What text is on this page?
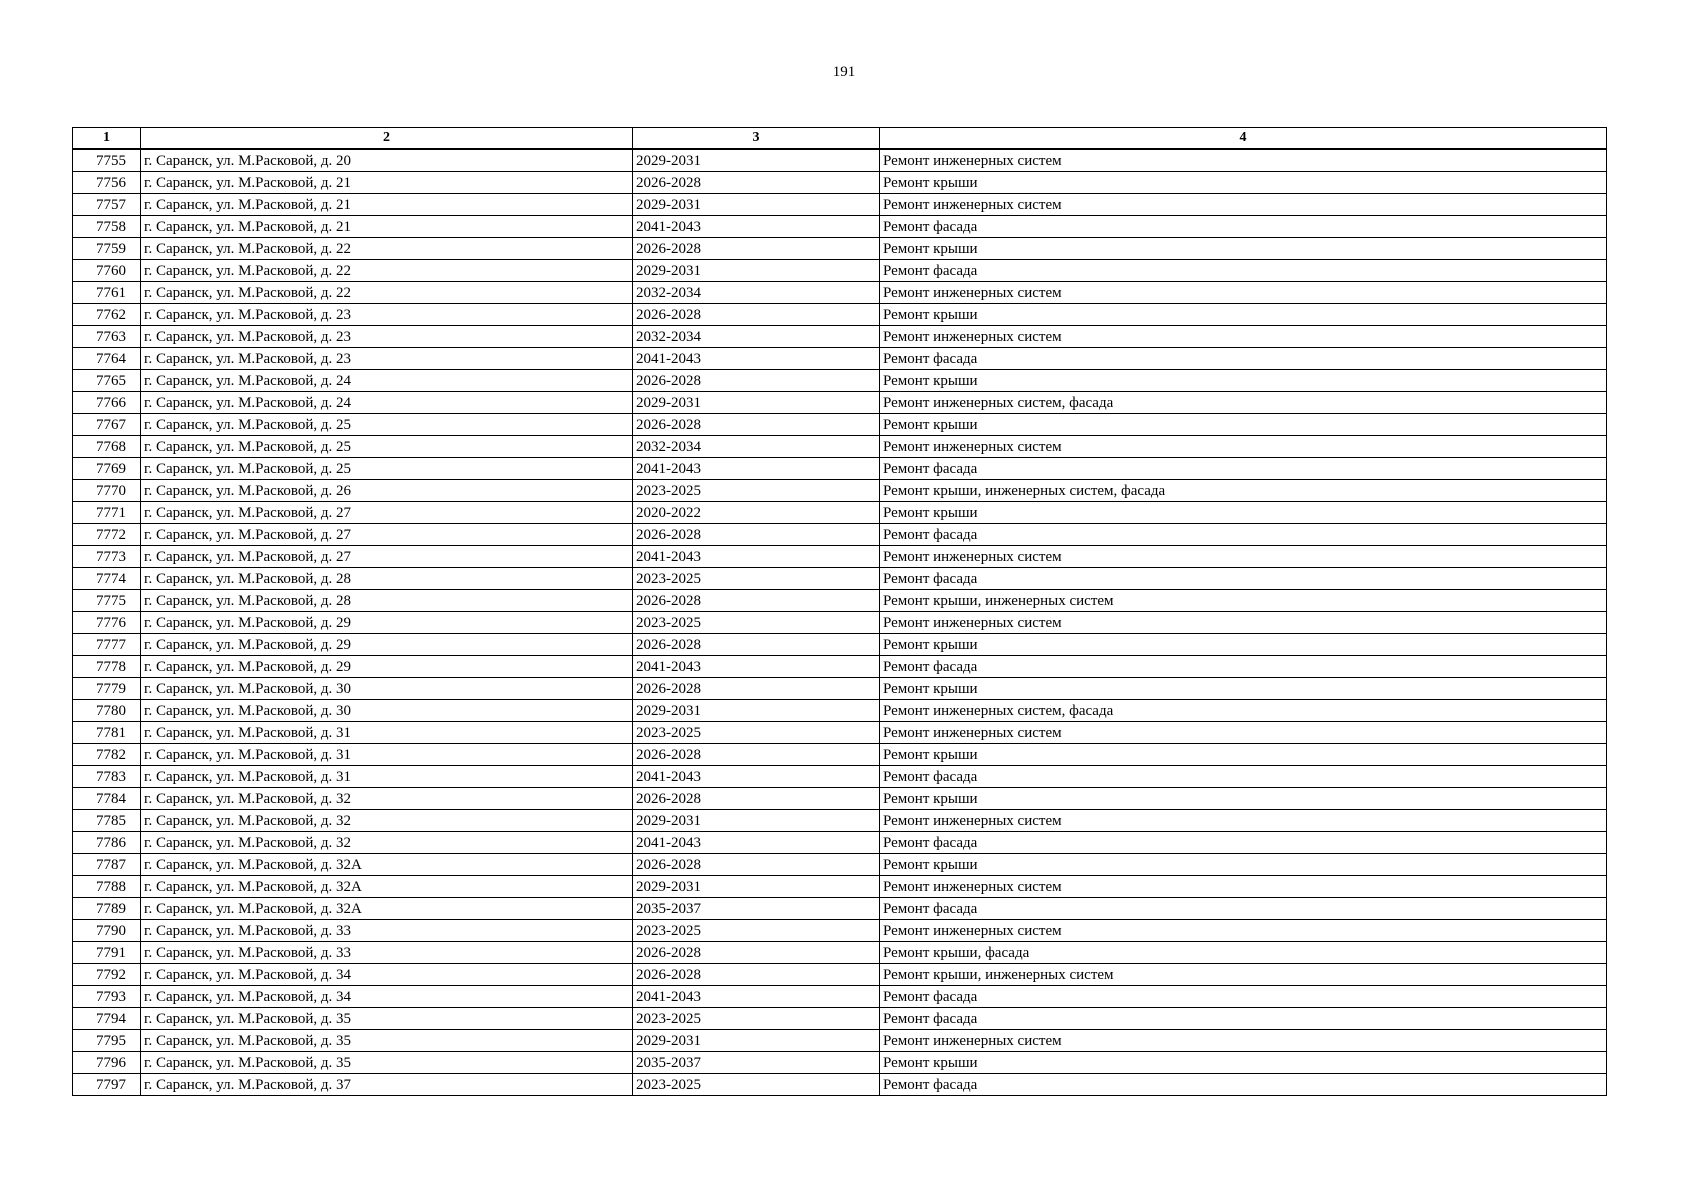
191
1	2	3	4
7755	г. Саранск, ул. М.Расковой, д. 20	2029-2031	Ремонт инженерных систем
7756	г. Саранск, ул. М.Расковой, д. 21	2026-2028	Ремонт крыши
7757	г. Саранск, ул. М.Расковой, д. 21	2029-2031	Ремонт инженерных систем
7758	г. Саранск, ул. М.Расковой, д. 21	2041-2043	Ремонт фасада
7759	г. Саранск, ул. М.Расковой, д. 22	2026-2028	Ремонт крыши
7760	г. Саранск, ул. М.Расковой, д. 22	2029-2031	Ремонт фасада
7761	г. Саранск, ул. М.Расковой, д. 22	2032-2034	Ремонт инженерных систем
7762	г. Саранск, ул. М.Расковой, д. 23	2026-2028	Ремонт крыши
7763	г. Саранск, ул. М.Расковой, д. 23	2032-2034	Ремонт инженерных систем
7764	г. Саранск, ул. М.Расковой, д. 23	2041-2043	Ремонт фасада
7765	г. Саранск, ул. М.Расковой, д. 24	2026-2028	Ремонт крыши
7766	г. Саранск, ул. М.Расковой, д. 24	2029-2031	Ремонт инженерных систем, фасада
7767	г. Саранск, ул. М.Расковой, д. 25	2026-2028	Ремонт крыши
7768	г. Саранск, ул. М.Расковой, д. 25	2032-2034	Ремонт инженерных систем
7769	г. Саранск, ул. М.Расковой, д. 25	2041-2043	Ремонт фасада
7770	г. Саранск, ул. М.Расковой, д. 26	2023-2025	Ремонт крыши, инженерных систем, фасада
7771	г. Саранск, ул. М.Расковой, д. 27	2020-2022	Ремонт крыши
7772	г. Саранск, ул. М.Расковой, д. 27	2026-2028	Ремонт фасада
7773	г. Саранск, ул. М.Расковой, д. 27	2041-2043	Ремонт инженерных систем
7774	г. Саранск, ул. М.Расковой, д. 28	2023-2025	Ремонт фасада
7775	г. Саранск, ул. М.Расковой, д. 28	2026-2028	Ремонт крыши, инженерных систем
7776	г. Саранск, ул. М.Расковой, д. 29	2023-2025	Ремонт инженерных систем
7777	г. Саранск, ул. М.Расковой, д. 29	2026-2028	Ремонт крыши
7778	г. Саранск, ул. М.Расковой, д. 29	2041-2043	Ремонт фасада
7779	г. Саранск, ул. М.Расковой, д. 30	2026-2028	Ремонт крыши
7780	г. Саранск, ул. М.Расковой, д. 30	2029-2031	Ремонт инженерных систем, фасада
7781	г. Саранск, ул. М.Расковой, д. 31	2023-2025	Ремонт инженерных систем
7782	г. Саранск, ул. М.Расковой, д. 31	2026-2028	Ремонт крыши
7783	г. Саранск, ул. М.Расковой, д. 31	2041-2043	Ремонт фасада
7784	г. Саранск, ул. М.Расковой, д. 32	2026-2028	Ремонт крыши
7785	г. Саранск, ул. М.Расковой, д. 32	2029-2031	Ремонт инженерных систем
7786	г. Саранск, ул. М.Расковой, д. 32	2041-2043	Ремонт фасада
7787	г. Саранск, ул. М.Расковой, д. 32А	2026-2028	Ремонт крыши
7788	г. Саранск, ул. М.Расковой, д. 32А	2029-2031	Ремонт инженерных систем
7789	г. Саранск, ул. М.Расковой, д. 32А	2035-2037	Ремонт фасада
7790	г. Саранск, ул. М.Расковой, д. 33	2023-2025	Ремонт инженерных систем
7791	г. Саранск, ул. М.Расковой, д. 33	2026-2028	Ремонт крыши, фасада
7792	г. Саранск, ул. М.Расковой, д. 34	2026-2028	Ремонт крыши, инженерных систем
7793	г. Саранск, ул. М.Расковой, д. 34	2041-2043	Ремонт фасада
7794	г. Саранск, ул. М.Расковой, д. 35	2023-2025	Ремонт фасада
7795	г. Саранск, ул. М.Расковой, д. 35	2029-2031	Ремонт инженерных систем
7796	г. Саранск, ул. М.Расковой, д. 35	2035-2037	Ремонт крыши
7797	г. Саранск, ул. М.Расковой, д. 37	2023-2025	Ремонт фасада
